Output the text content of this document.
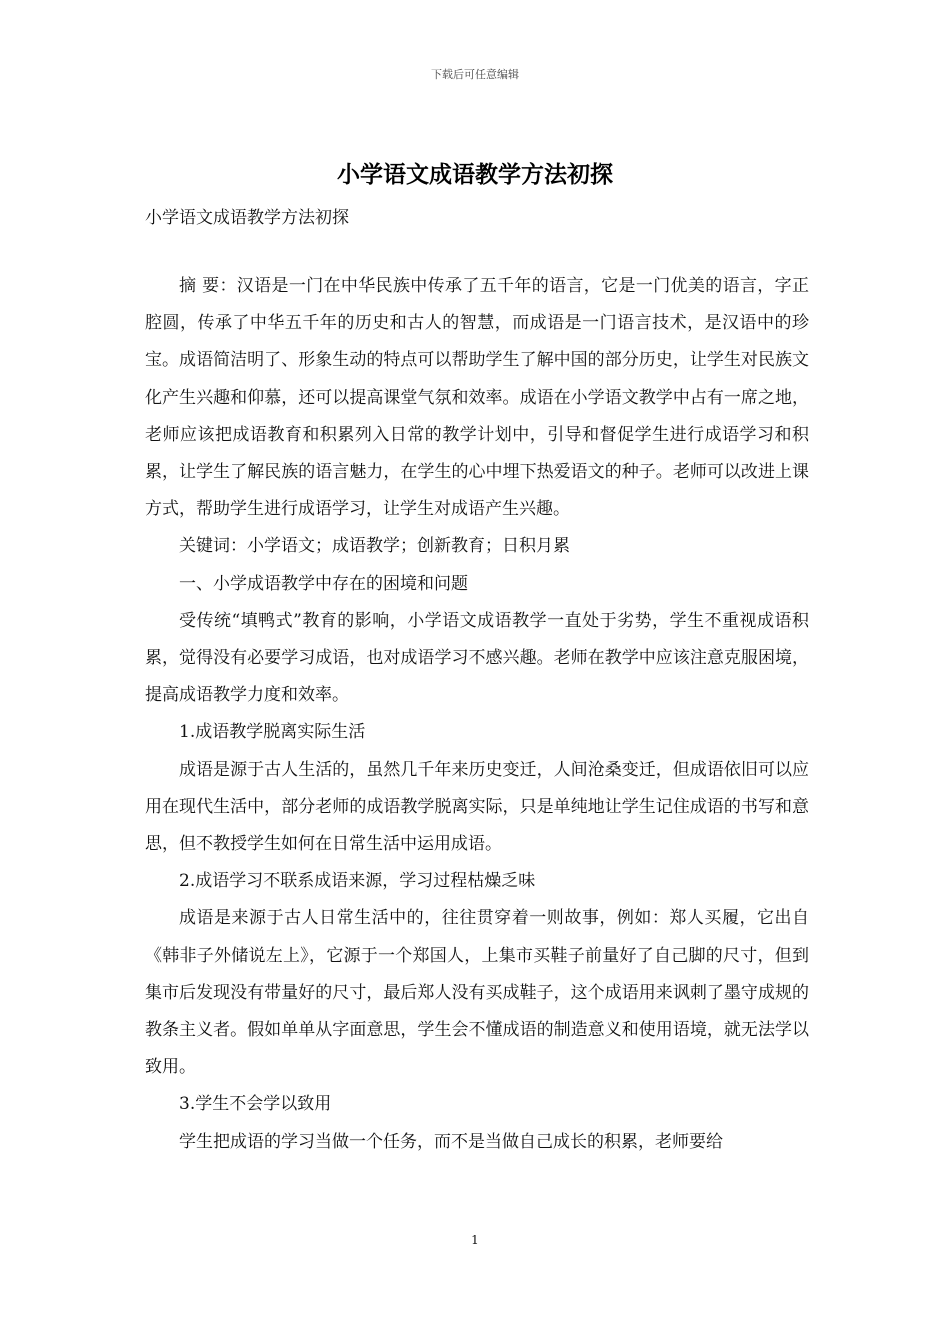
下载后可任意编辑
小学语文成语教学方法初探
小学语文成语教学方法初探

摘 要：汉语是一门在中华民族中传承了五千年的语言，它是一门优美的语言，字正腔圆，传承了中华五千年的历史和古人的智慧，而成语是一门语言技术，是汉语中的珍宝。成语简洁明了、形象生动的特点可以帮助学生了解中国的部分历史，让学生对民族文化产生兴趣和仰慕，还可以提高课堂气氛和效率。成语在小学语文教学中占有一席之地，老师应该把成语教育和积累列入日常的教学计划中，引导和督促学生进行成语学习和积累，让学生了解民族的语言魅力，在学生的心中埋下热爱语文的种子。老师可以改进上课方式，帮助学生进行成语学习，让学生对成语产生兴趣。

关键词：小学语文；成语教学；创新教育；日积月累

一、小学成语教学中存在的困境和问题

受传统“填鸭式”教育的影响，小学语文成语教学一直处于劣势，学生不重视成语积累，觉得没有必要学习成语，也对成语学习不感兴趣。老师在教学中应该注意克服困境，提高成语教学力度和效率。

1.成语教学脱离实际生活

成语是源于古人生活的，虽然几千年来历史变迁，人间沧桑变迁，但成语依旧可以应用在现代生活中，部分老师的成语教学脱离实际，只是单纯地让学生记住成语的书写和意思，但不教授学生如何在日常生活中运用成语。

2.成语学习不联系成语来源，学习过程枯燥乏味

成语是来源于古人日常生活中的，往往贯穿着一则故事，例如：郑人买履，它出自《韩非子外储说左上》，它源于一个郑国人，上集市买鞋子前量好了自己脚的尺寸，但到集市后发现没有带量好的尺寸，最后郑人没有买成鞋子，这个成语用来讽刺了墨守成规的教条主义者。假如单单从字面意思，学生会不懂成语的制造意义和使用语境，就无法学以致用。

3.学生不会学以致用

学生把成语的学习当做一个任务，而不是当做自己成长的积累，老师要给

1
